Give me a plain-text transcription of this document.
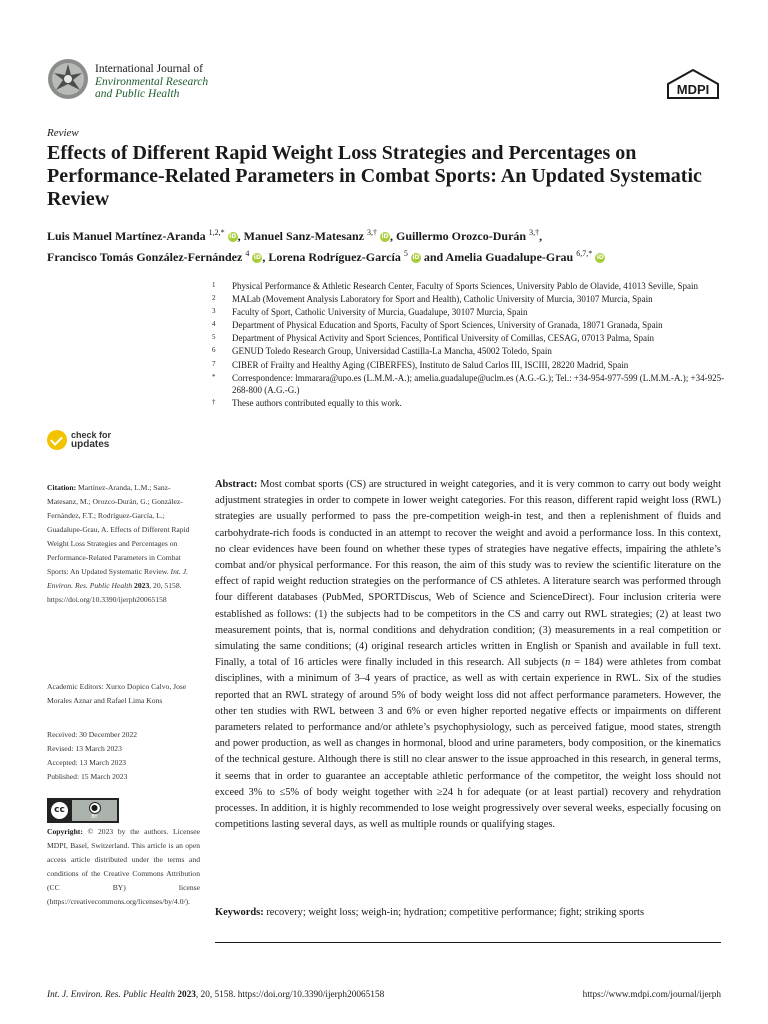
International Journal of
Environmental Research
and Public Health	MDPI
Review
Effects of Different Rapid Weight Loss Strategies and Percentages on Performance-Related Parameters in Combat Sports: An Updated Systematic Review
Luis Manuel Martínez-Aranda $^{1,2,*}$ iD, Manuel Sanz-Matesanz $^{3,\dagger}$ iD, Guillermo Orozco-Durán $^{3,\dagger}$,
Francisco Tomás González-Fernández $^4$ iD, Lorena Rodríguez-García $^5$ iD and Amelia Guadalupe-Grau $^{6,7,*}$ iD
1	Physical Performance & Athletic Research Center, Faculty of Sports Sciences, University Pablo de Olavide, 41013 Seville, Spain
2	MALab (Movement Analysis Laboratory for Sport and Health), Catholic University of Murcia, 30107 Murcia, Spain
3	Faculty of Sport, Catholic University of Murcia, Guadalupe, 30107 Murcia, Spain
4	Department of Physical Education and Sports, Faculty of Sport Sciences, University of Granada, 18071 Granada, Spain
5	Department of Physical Activity and Sport Sciences, Pontifical University of Comillas, CESAG, 07013 Palma, Spain
6	GENUD Toledo Research Group, Universidad Castilla-La Mancha, 45002 Toledo, Spain
7	CIBER of Frailty and Healthy Aging (CIBERFES), Instituto de Salud Carlos III, ISCIII, 28220 Madrid, Spain
*	Correspondence: lmmarara@upo.es (L.M.M.-A.); amelia.guadalupe@uclm.es (A.G.-G.); Tel.: +34-954-977-599 (L.M.M.-A.); +34-925-268-800 (A.G.-G.)
†	These authors contributed equally to this work.
check for
updates
Citation: Martínez-Aranda, L.M.; Sanz-Matesanz, M.; Orozco-Durán, G.; González-Fernández, F.T.; Rodríguez-García, L.; Guadalupe-Grau, A. Effects of Different Rapid Weight Loss Strategies and Percentages on Performance-Related Parameters in Combat Sports: An Updated Systematic Review. Int. J. Environ. Res. Public Health 2023, 20, 5158. https://doi.org/10.3390/ijerph20065158
Academic Editors: Xurxo Dopico Calvo, Jose Morales Aznar and Rafael Lima Kons
Received: 30 December 2022
Revised: 13 March 2023
Accepted: 13 March 2023
Published: 15 March 2023
cc	●
BY
Copyright: © 2023 by the authors. Licensee MDPI, Basel, Switzerland. This article is an open access article distributed under the terms and conditions of the Creative Commons Attribution (CC BY) license (https://creativecommons.org/licenses/by/4.0/).
Abstract: Most combat sports (CS) are structured in weight categories, and it is very common to carry out body weight adjustment strategies in order to compete in lower weight categories. For this reason, different rapid weight loss (RWL) strategies are usually performed to pass the pre-competition weigh-in test, and then a replenishment of fluids and carbohydrate-rich foods is conducted in an attempt to recover the weight and avoid a performance loss. In this context, no clear evidences have been found on whether these types of strategies have negative effects, impairing the athlete’s combat and/or physical performance. For this reason, the aim of this study was to review the scientific literature on the effect of rapid weight reduction strategies on the performance of CS athletes. A literature search was performed through four different databases (PubMed, SPORTDiscus, Web of Science and ScienceDirect). Four inclusion criteria were established as follows: (1) the subjects had to be competitors in the CS and carry out RWL strategies; (2) at least two measurement points, that is, normal conditions and dehydration condition; (3) measurements in a real competition or simulating the same conditions; (4) original research articles written in English or Spanish and available in full text. Finally, a total of 16 articles were finally included in this research. All subjects (n = 184) were athletes from combat disciplines, with a minimum of 3–4 years of practice, as well as with certain experience in RWL. Six of the studies reported that an RWL strategy of around 5% of body weight loss did not affect performance parameters. However, the other ten studies with RWL between 3 and 6% or even higher reported negative effects or impairments on different parameters related to performance and/or athlete’s psychophysiology, such as perceived fatigue, mood states, strength and power production, as well as changes in hormonal, blood and urine parameters, body composition, or the kinematics of the technical gesture. Although there is still no clear answer to the issue approached in this research, in general terms, it seems that in order to guarantee an acceptable athletic performance of the competitor, the weight loss should not exceed 3% to ≤5% of body weight together with ≥24 h for adequate (or at least partial) recovery and rehydration processes. In addition, it is highly recommended to lose weight progressively over several weeks, especially focusing on competitions lasting several days, as well as multiple rounds or qualifying stages.
Keywords: recovery; weight loss; weigh-in; hydration; competitive performance; fight; striking sports
Int. J. Environ. Res. Public Health 2023, 20, 5158. https://doi.org/10.3390/ijerph20065158	https://www.mdpi.com/journal/ijerph
